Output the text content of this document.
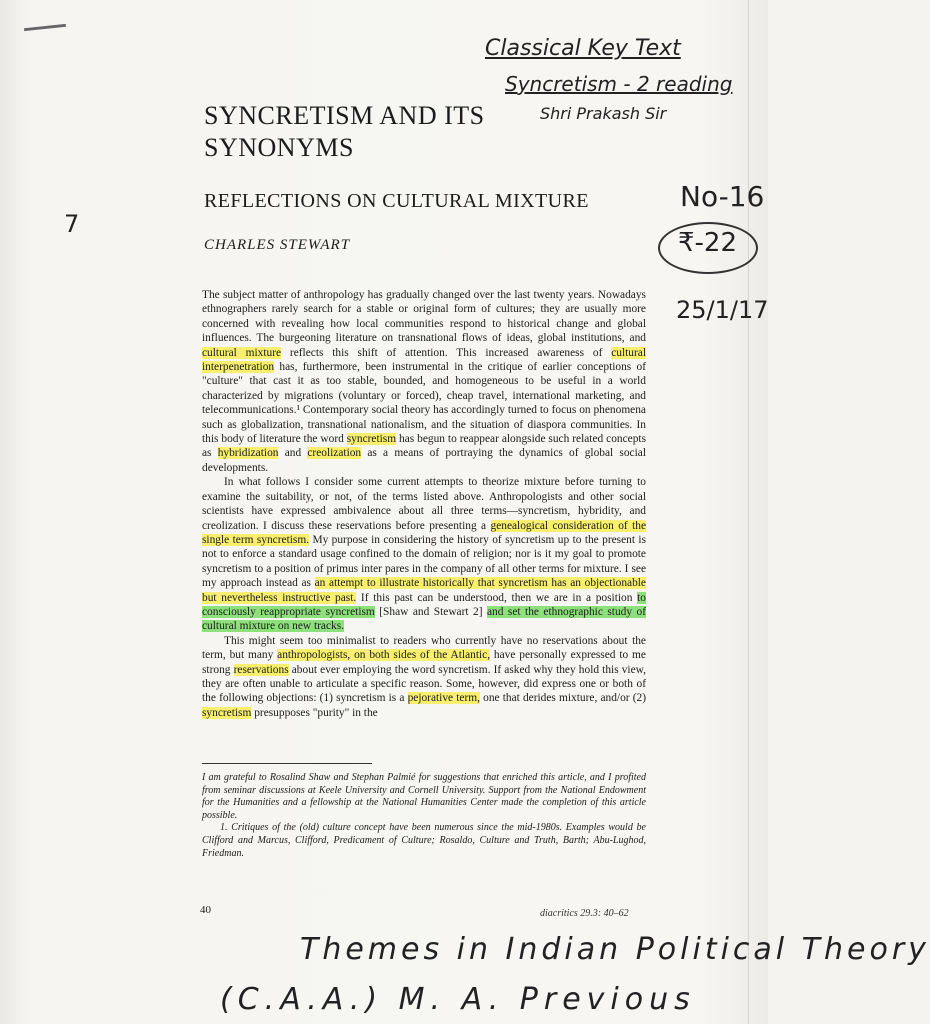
Classical Key Text
Syncretism - 2 reading
Shri Prakash Sir
No-16
₹-22
25/1/17
7
SYNCRETISM AND ITS
SYNONYMS
REFLECTIONS ON CULTURAL MIXTURE
CHARLES STEWART

The subject matter of anthropology has gradually changed over the last twenty years. Nowadays ethnographers rarely search for a stable or original form of cultures; they are usually more concerned with revealing how local communities respond to historical change and global influences. The burgeoning literature on transnational flows of ideas, global institutions, and cultural mixture reflects this shift of attention. This increased awareness of cultural interpenetration has, furthermore, been instrumental in the critique of earlier conceptions of "culture" that cast it as too stable, bounded, and homogeneous to be useful in a world characterized by migrations (voluntary or forced), cheap travel, international marketing, and telecommunications.¹ Contemporary social theory has accordingly turned to focus on phenomena such as globalization, transnational nationalism, and the situation of diaspora communities. In this body of literature the word syncretism has begun to reappear alongside such related concepts as hybridization and creolization as a means of portraying the dynamics of global social developments.

In what follows I consider some current attempts to theorize mixture before turning to examine the suitability, or not, of the terms listed above. Anthropologists and other social scientists have expressed ambivalence about all three terms—syncretism, hybridity, and creolization. I discuss these reservations before presenting a genealogical consideration of the single term syncretism. My purpose in considering the history of syncretism up to the present is not to enforce a standard usage confined to the domain of religion; nor is it my goal to promote syncretism to a position of primus inter pares in the company of all other terms for mixture. I see my approach instead as an attempt to illustrate historically that syncretism has an objectionable but nevertheless instructive past. If this past can be understood, then we are in a position to consciously reappropriate syncretism [Shaw and Stewart 2] and set the ethnographic study of cultural mixture on new tracks.

This might seem too minimalist to readers who currently have no reservations about the term, but many anthropologists, on both sides of the Atlantic, have personally expressed to me strong reservations about ever employing the word syncretism. If asked why they hold this view, they are often unable to articulate a specific reason. Some, however, did express one or both of the following objections: (1) syncretism is a pejorative term, one that derides mixture, and/or (2) syncretism presupposes "purity" in the

I am grateful to Rosalind Shaw and Stephan Palmié for suggestions that enriched this article, and I profited from seminar discussions at Keele University and Cornell University. Support from the National Endowment for the Humanities and a fellowship at the National Humanities Center made the completion of this article possible.

1. Critiques of the (old) culture concept have been numerous since the mid-1980s. Examples would be Clifford and Marcus, Clifford, Predicament of Culture; Rosaldo, Culture and Truth, Barth; Abu-Lughod, Friedman.

40	diacritics 29.3: 40–62
Themes in Indian Political Theory
(C.A.A.) M. A. Previous
